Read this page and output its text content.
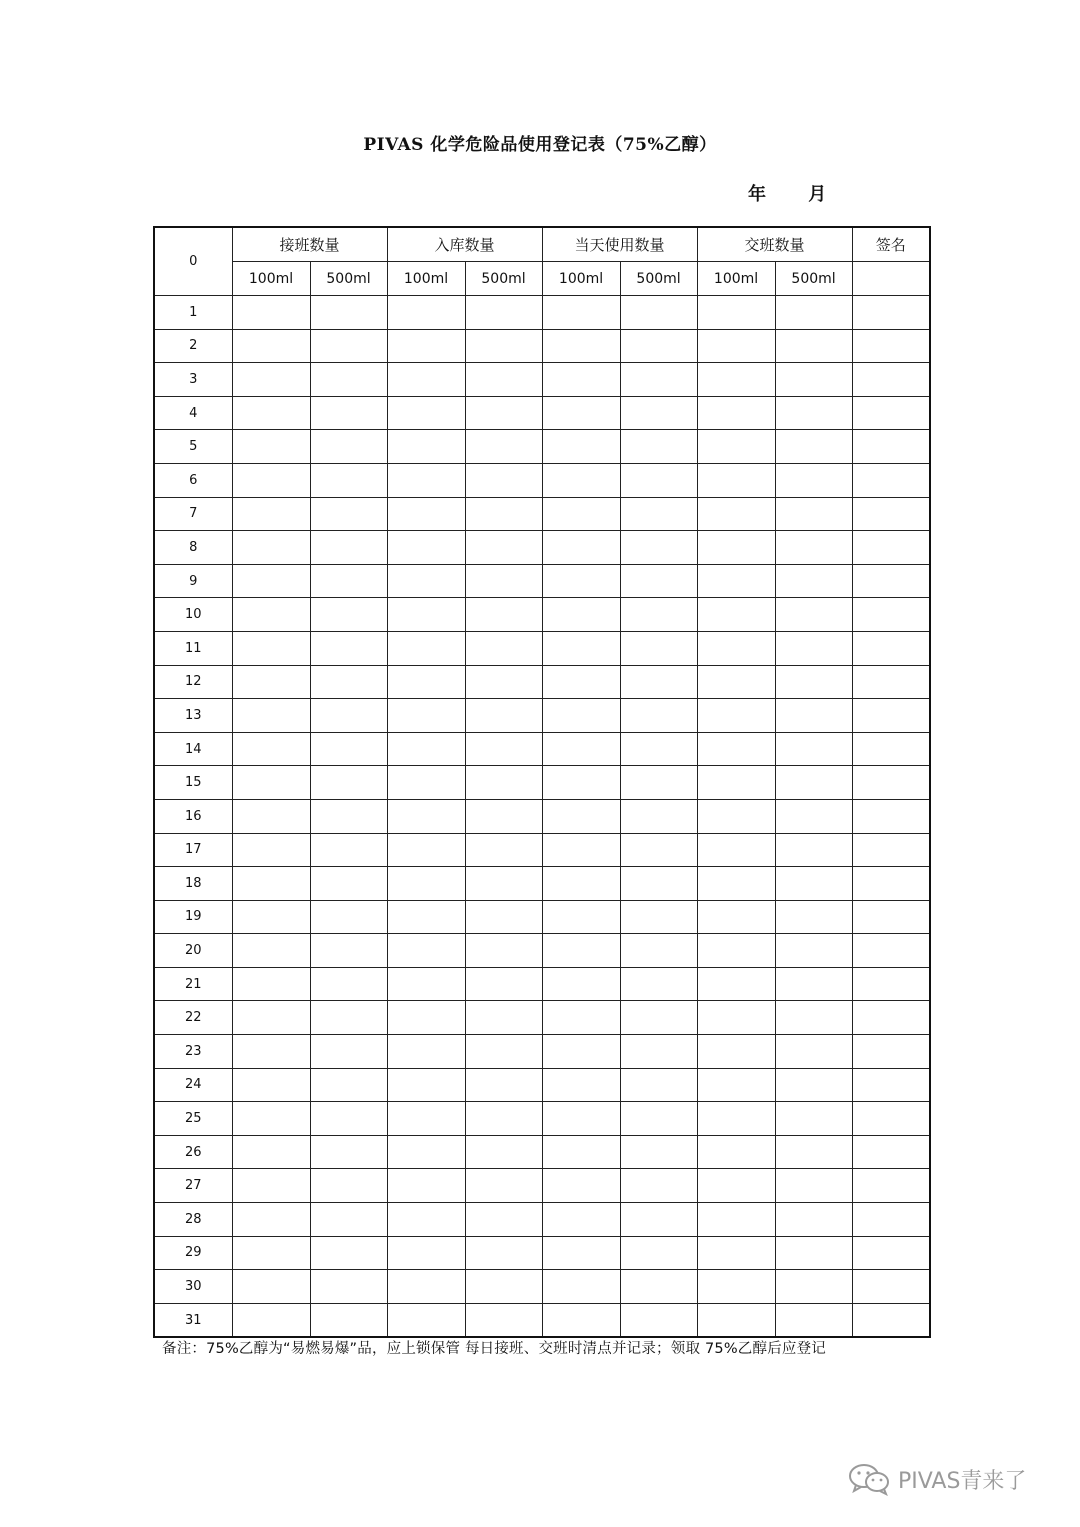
PIVAS 化学危险品使用登记表（75%乙醇）
年 月
0	接班数量		入库数量		当天使用数量		交班数量		签名
	100ml	500ml	100ml	500ml	100ml	500ml	100ml	500ml	
1									
2									
3									
4									
5									
6									
7									
8									
9									
10									
11									
12									
13									
14									
15									
16									
17									
18									
19									
20									
21									
22									
23									
24									
25									
26									
27									
28									
29									
30									
31									
备注：75%乙醇为“易燃易爆”品，应上锁保管 每日接班、交班时清点并记录；领取 75%乙醇后应登记
PIVAS青来了
